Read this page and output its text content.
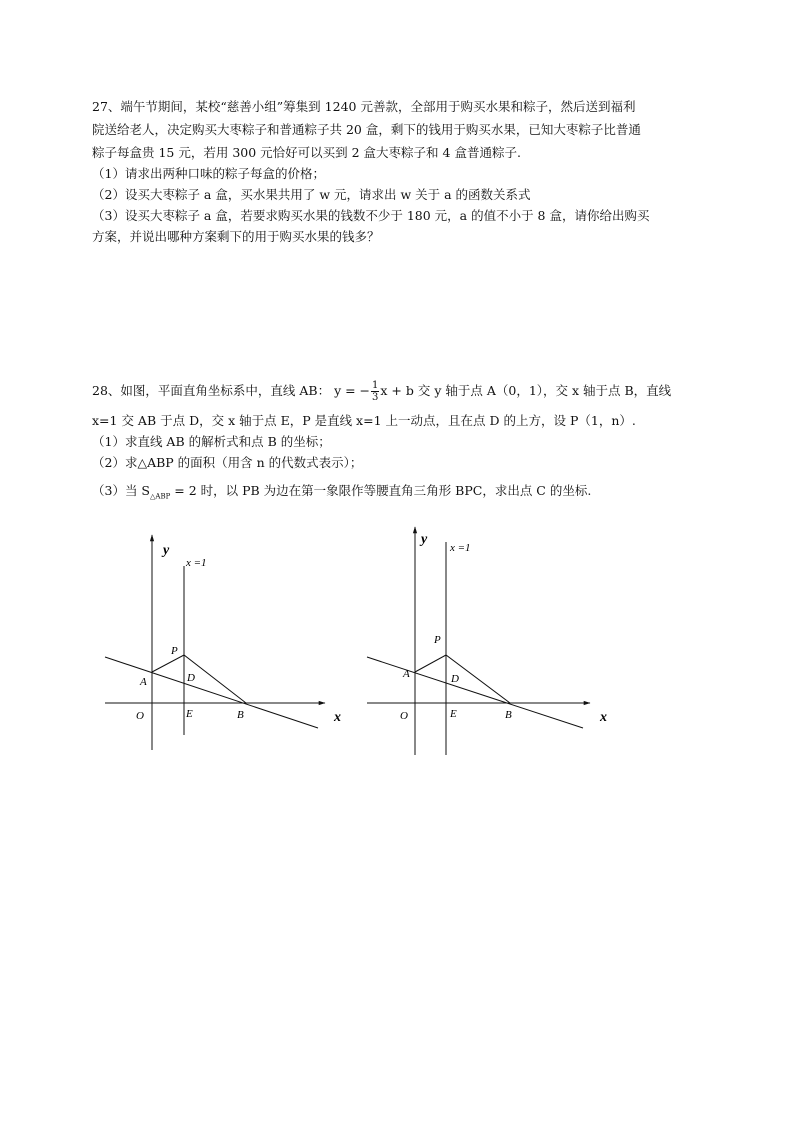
27、端午节期间，某校“慈善小组”筹集到 1240 元善款，全部用于购买水果和粽子，然后送到福利
院送给老人，决定购买大枣粽子和普通粽子共 20 盒，剩下的钱用于购买水果，已知大枣粽子比普通
粽子每盒贵 15 元，若用 300 元恰好可以买到 2 盒大枣粽子和 4 盒普通粽子.
（1）请求出两种口味的粽子每盒的价格；
（2）设买大枣粽子 a 盒，买水果共用了 w 元，请求出 w 关于 a 的函数关系式
（3）设买大枣粽子 a 盒，若要求购买水果的钱数不少于 180 元，a 的值不小于 8 盒，请你给出购买
方案，并说出哪种方案剩下的用于购买水果的钱多？
28、如图，平面直角坐标系中，直线 AB： y = − $\frac{1}{3}$ x + b 交 y 轴于点 A（0，1），交 x 轴于点 B，直线
x=1 交 AB 于点 D，交 x 轴于点 E，P 是直线 x=1 上一动点，且在点 D 的上方，设 P（1，n）.
（1）求直线 AB 的解析式和点 B 的坐标；
（2）求△ABP 的面积（用含 n 的代数式表示）；
（3）当 $S_{\triangle ABP} = 2$ 时，以 PB 为边在第一象限作等腰直角三角形 BPC，求出点 C 的坐标.
y
x
x =1
O
A
P
D
E	B
y
x
x =1
O
A
P
D
E	B
